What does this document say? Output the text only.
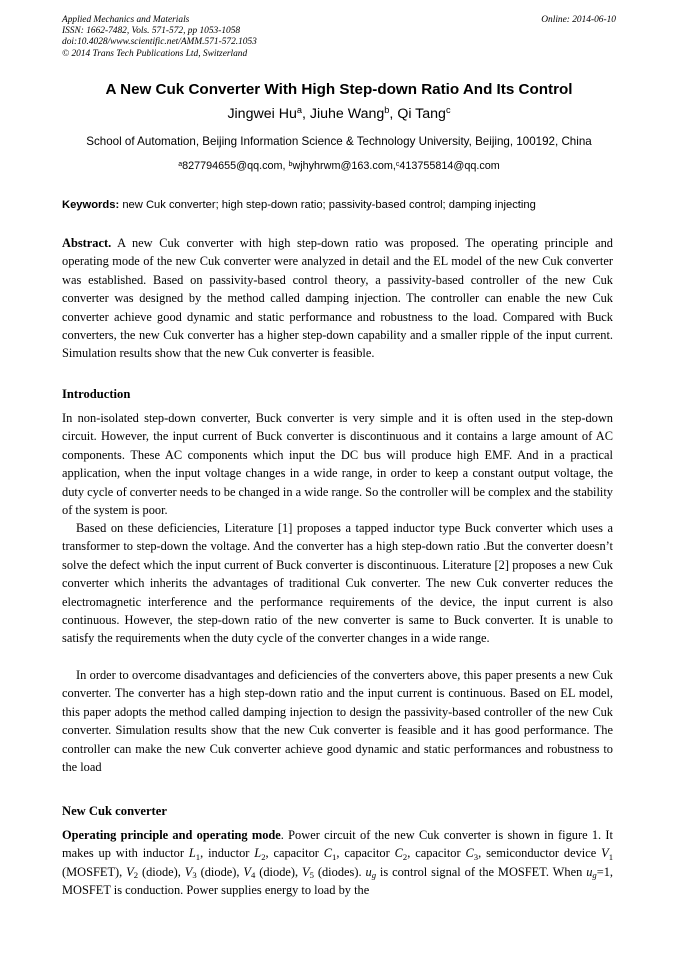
Applied Mechanics and Materials
ISSN: 1662-7482, Vols. 571-572, pp 1053-1058
doi:10.4028/www.scientific.net/AMM.571-572.1053
© 2014 Trans Tech Publications Ltd, Switzerland
Online: 2014-06-10
A New Cuk Converter With High Step-down Ratio And Its Control
Jingwei Hu$^a$, Jiuhe Wang$^b$, Qi Tang$^c$
School of Automation, Beijing Information Science & Technology University, Beijing, 100192, China
$^a$827794655@qq.com, $^b$wjhyhrwm@163.com,$^c$413755814@qq.com
Keywords: new Cuk converter; high step-down ratio; passivity-based control; damping injecting
Abstract. A new Cuk converter with high step-down ratio was proposed. The operating principle and operating mode of the new Cuk converter were analyzed in detail and the EL model of the new Cuk converter was established. Based on passivity-based control theory, a passivity-based controller of the new Cuk converter was designed by the method called damping injection. The controller can enable the new Cuk converter achieve good dynamic and static performance and robustness to the load. Compared with Buck converters, the new Cuk converter has a higher step-down capability and a smaller ripple of the input current. Simulation results show that the new Cuk converter is feasible.
Introduction
In non-isolated step-down converter, Buck converter is very simple and it is often used in the step-down circuit. However, the input current of Buck converter is discontinuous and it contains a large amount of AC components. These AC components which input the DC bus will produce high EMF. And in a practical application, when the input voltage changes in a wide range, in order to keep a constant output voltage, the duty cycle of converter needs to be changed in a wide range. So the controller will be complex and the stability of the system is poor.
Based on these deficiencies, Literature [1] proposes a tapped inductor type Buck converter which uses a transformer to step-down the voltage. And the converter has a high step-down ratio .But the converter doesn’t solve the defect which the input current of Buck converter is discontinuous. Literature [2] proposes a new Cuk converter which inherits the advantages of traditional Cuk converter. The new Cuk converter reduces the electromagnetic interference and the performance requirements of the device, the input current is also continuous. However, the step-down ratio of the new converter is same to Buck converter. It is unable to satisfy the requirements when the duty cycle of the converter changes in a wide range.
In order to overcome disadvantages and deficiencies of the converters above, this paper presents a new Cuk converter. The converter has a high step-down ratio and the input current is continuous. Based on EL model, this paper adopts the method called damping injection to design the passivity-based controller of the new Cuk converter. Simulation results show that the new Cuk converter is feasible and it has good performance. The controller can make the new Cuk converter achieve good dynamic and static performances and robustness to the load
New Cuk converter
Operating principle and operating mode. Power circuit of the new Cuk converter is shown in figure 1. It makes up with inductor $L_1$, inductor $L_2$, capacitor $C_1$, capacitor $C_2$, capacitor $C_3$, semiconductor device $V_1$ (MOSFET), $V_2$ (diode), $V_3$ (diode), $V_4$ (diode), $V_5$ (diodes). $u_g$ is control signal of the MOSFET. When $u_g=1$, MOSFET is conduction. Power supplies energy to load by the
